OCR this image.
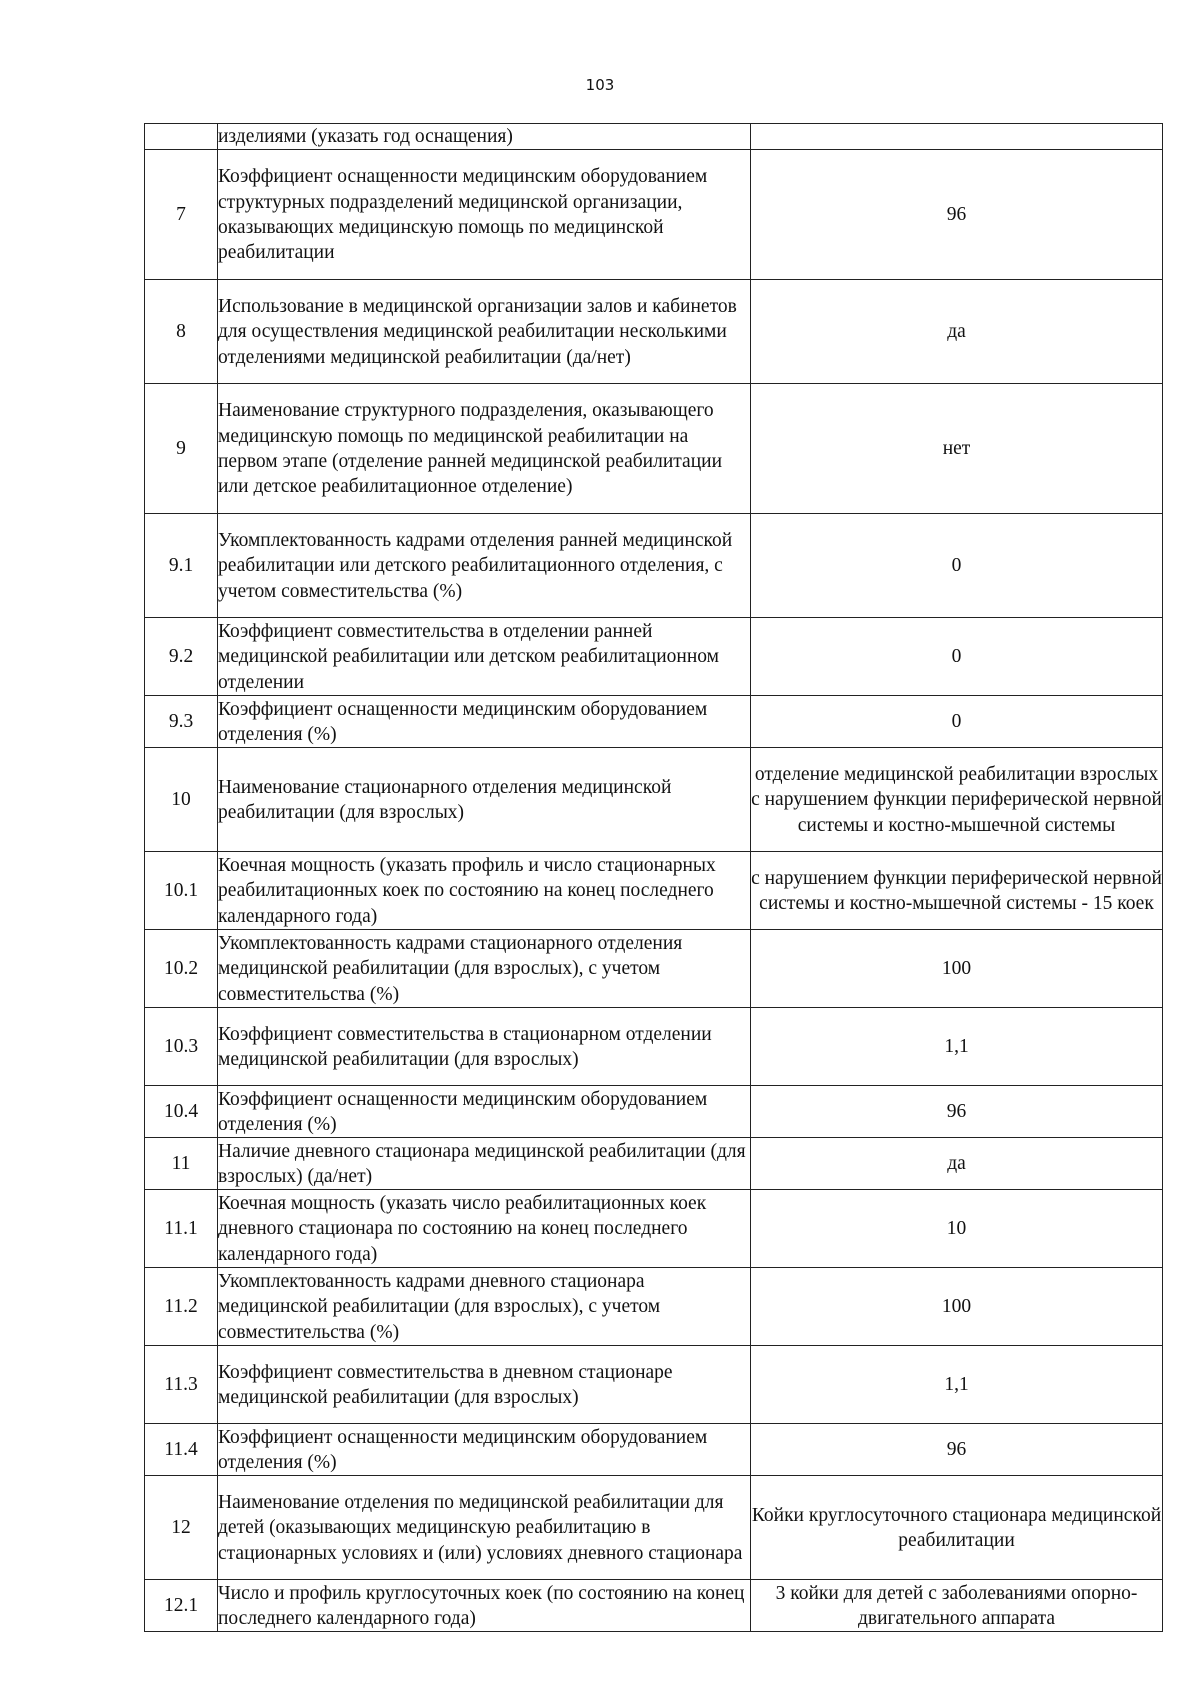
103
	изделиями (указать год оснащения)	
7	Коэффициент оснащенности медицинским оборудованием структурных подразделений медицинской организации, оказывающих медицинскую помощь по медицинской реабилитации	96
8	Использование в медицинской организации залов и кабинетов для осуществления медицинской реабилитации несколькими отделениями медицинской реабилитации (да/нет)	да
9	Наименование структурного подразделения, оказывающего медицинскую помощь по медицинской реабилитации на первом этапе (отделение ранней медицинской реабилитации или детское реабилитационное отделение)	нет
9.1	Укомплектованность кадрами отделения ранней медицинской реабилитации или детского реабилитационного отделения, с учетом совместительства (%)	0
9.2	Коэффициент совместительства в отделении ранней медицинской реабилитации или детском реабилитационном отделении	0
9.3	Коэффициент оснащенности медицинским оборудованием отделения (%)	0
10	Наименование стационарного отделения медицинской реабилитации (для взрослых)	отделение медицинской реабилитации взрослых с нарушением функции периферической нервной системы и костно-мышечной системы
10.1	Коечная мощность (указать профиль и число стационарных реабилитационных коек по состоянию на конец последнего календарного года)	с нарушением функции периферической нервной системы и костно-мышечной системы - 15 коек
10.2	Укомплектованность кадрами стационарного отделения медицинской реабилитации (для взрослых), с учетом совместительства (%)	100
10.3	Коэффициент совместительства в стационарном отделении медицинской реабилитации (для взрослых)	1,1
10.4	Коэффициент оснащенности медицинским оборудованием отделения (%)	96
11	Наличие дневного стационара медицинской реабилитации (для взрослых) (да/нет)	да
11.1	Коечная мощность (указать число реабилитационных коек дневного стационара по состоянию на конец последнего календарного года)	10
11.2	Укомплектованность кадрами дневного стационара медицинской реабилитации (для взрослых), с учетом совместительства (%)	100
11.3	Коэффициент совместительства в дневном стационаре медицинской реабилитации (для взрослых)	1,1
11.4	Коэффициент оснащенности медицинским оборудованием отделения (%)	96
12	Наименование отделения по медицинской реабилитации для детей (оказывающих медицинскую реабилитацию в стационарных условиях и (или) условиях дневного стационара	Койки круглосуточного стационара медицинской реабилитации
12.1	Число и профиль круглосуточных коек (по состоянию на конец последнего календарного года)	3 койки для детей с заболеваниями опорно-двигательного аппарата
